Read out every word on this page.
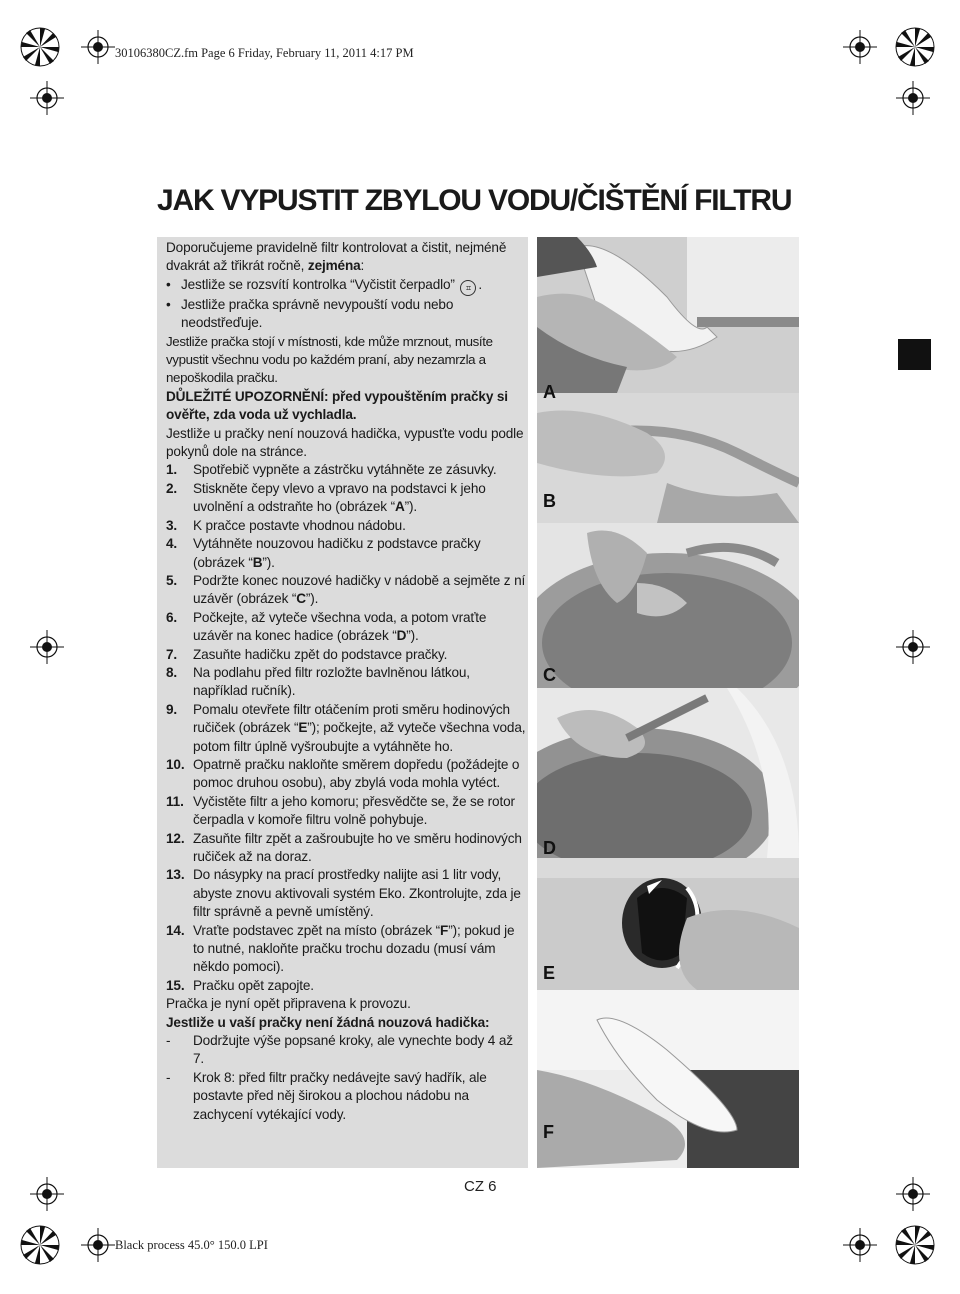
30106380CZ.fm Page 6 Friday, February 11, 2011 4:17 PM
Black process 45.0° 150.0 LPI
JAK VYPUSTIT ZBYLOU VODU/ČIŠTĚNÍ FILTRU

Doporučujeme pravidelně filtr kontrolovat a čistit, nejméně dvakrát až třikrát ročně, zejména:

• Jestliže se rozsvítí kontrolka “Vyčistit čerpadlo” ⌗ .
• Jestliže pračka správně nevypouští vodu nebo neodstřeďuje.

Jestliže pračka stojí v místnosti, kde může mrznout, musíte vypustit všechnu vodu po každém praní, aby nezamrzla a nepoškodila pračku.

DŮLEŽITÉ UPOZORNĚNÍ: před vypouštěním pračky si ověřte, zda voda už vychladla.

Jestliže u pračky není nouzová hadička, vypusťte vodu podle pokynů dole na stránce.

1.	Spotřebič vypněte a zástrčku vytáhněte ze zásuvky.
2.	Stiskněte čepy vlevo a vpravo na podstavci k jeho uvolnění a odstraňte ho (obrázek “A”).
3.	K pračce postavte vhodnou nádobu.
4.	Vytáhněte nouzovou hadičku z podstavce pračky (obrázek “B”).
5.	Podržte konec nouzové hadičky v nádobě a sejměte z ní uzávěr (obrázek “C”).
6.	Počkejte, až vyteče všechna voda, a potom vraťte uzávěr na konec hadice (obrázek “D”).
7.	Zasuňte hadičku zpět do podstavce pračky.
8.	Na podlahu před filtr rozložte bavlněnou látkou, například ručník).
9.	Pomalu otevřete filtr otáčením proti směru hodinových ručiček (obrázek “E”); počkejte, až vyteče všechna voda, potom filtr úplně vyšroubujte a vytáhněte ho.
10. Opatrně pračku nakloňte směrem dopředu (požádejte o pomoc druhou osobu), aby zbylá voda mohla vytéct.
11. Vyčistěte filtr a jeho komoru; přesvědčte se, že se rotor čerpadla v komoře filtru volně pohybuje.
12. Zasuňte filtr zpět a zašroubujte ho ve směru hodinových ručiček až na doraz.
13. Do násypky na prací prostředky nalijte asi 1 litr vody, abyste znovu aktivovali systém Eko. Zkontrolujte, zda je filtr správně a pevně umístěný.
14. Vraťte podstavec zpět na místo (obrázek “F”); pokud je to nutné, nakloňte pračku trochu dozadu (musí vám někdo pomoci).
15. Pračku opět zapojte.

Pračka je nyní opět připravena k provozu.

Jestliže u vaší pračky není žádná nouzová hadička:

-	Dodržujte výše popsané kroky, ale vynechte body 4 až 7.
-	Krok 8: před filtr pračky nedávejte savý hadřík, ale postavte před něj širokou a plochou nádobu na zachycení vytékající vody.
A
B
C
D
E
F
CZ 6
